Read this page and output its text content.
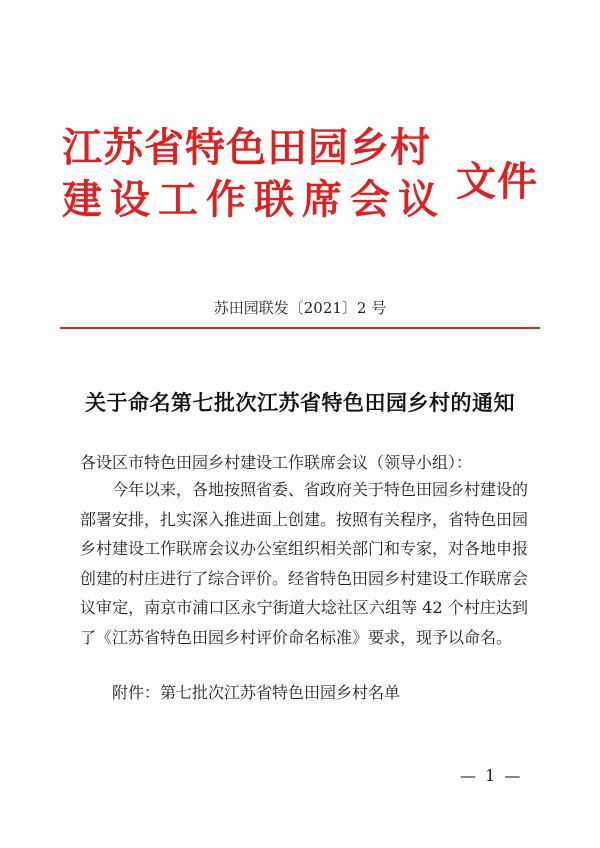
江苏省特色田园乡村
建设工作联席会议 文件
苏田园联发〔2021〕2 号
关于命名第七批次江苏省特色田园乡村的通知
各设区市特色田园乡村建设工作联席会议（领导小组）：
今年以来，各地按照省委、省政府关于特色田园乡村建设的部署安排，扎实深入推进面上创建。按照有关程序，省特色田园乡村建设工作联席会议办公室组织相关部门和专家，对各地申报创建的村庄进行了综合评价。经省特色田园乡村建设工作联席会议审定，南京市浦口区永宁街道大埝社区六组等 42 个村庄达到了《江苏省特色田园乡村评价命名标准》要求，现予以命名。
附件：第七批次江苏省特色田园乡村名单
— 1 —
